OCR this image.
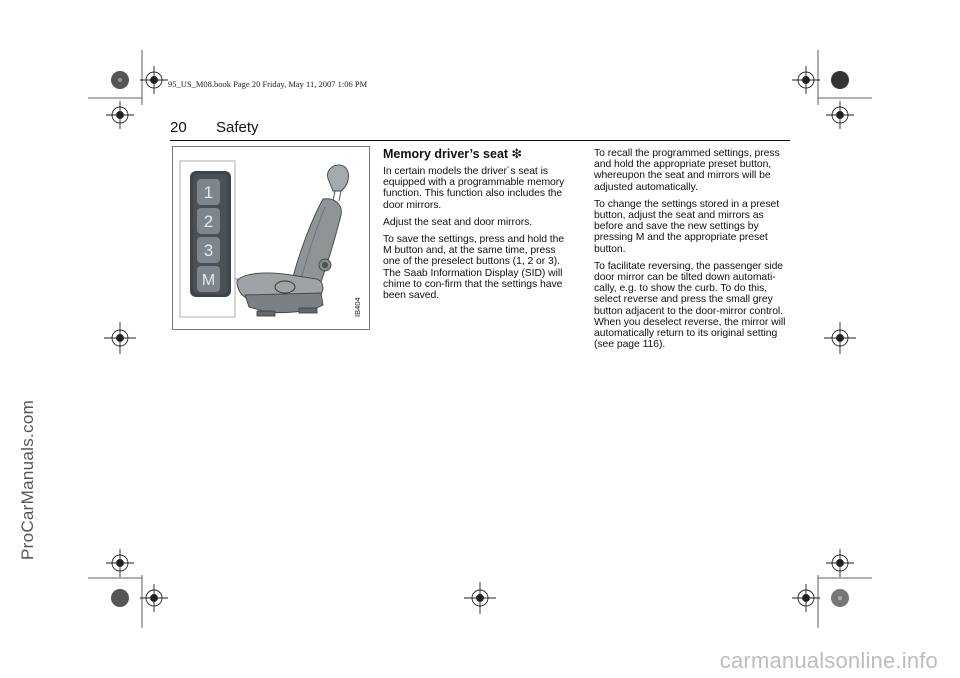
95_US_M08.book Page 20 Friday, May 11, 2007 1:06 PM
20 Safety
1
2
3
M
IB404
Memory driver’s seat ❇

In certain models the driver´s seat is equipped with a programmable memory function. This function also includes the door mirrors.

Adjust the seat and door mirrors.

To save the settings, press and hold the M button and, at the same time, press one of the preselect buttons (1, 2 or 3). The Saab Information Display (SID) will chime to con-firm that the settings have been saved.

To recall the programmed settings, press and hold the appropriate preset button, whereupon the seat and mirrors will be adjusted automatically.

To change the settings stored in a preset button, adjust the seat and mirrors as before and save the new settings by pressing M and the appropriate preset button.

To facilitate reversing, the passenger side door mirror can be tilted down automati-cally, e.g. to show the curb. To do this, select reverse and press the small grey button adjacent to the door-mirror control. When you deselect reverse, the mirror will automatically return to its original setting (see page 116).

ProCarManuals.com
carmanualsonline.info
